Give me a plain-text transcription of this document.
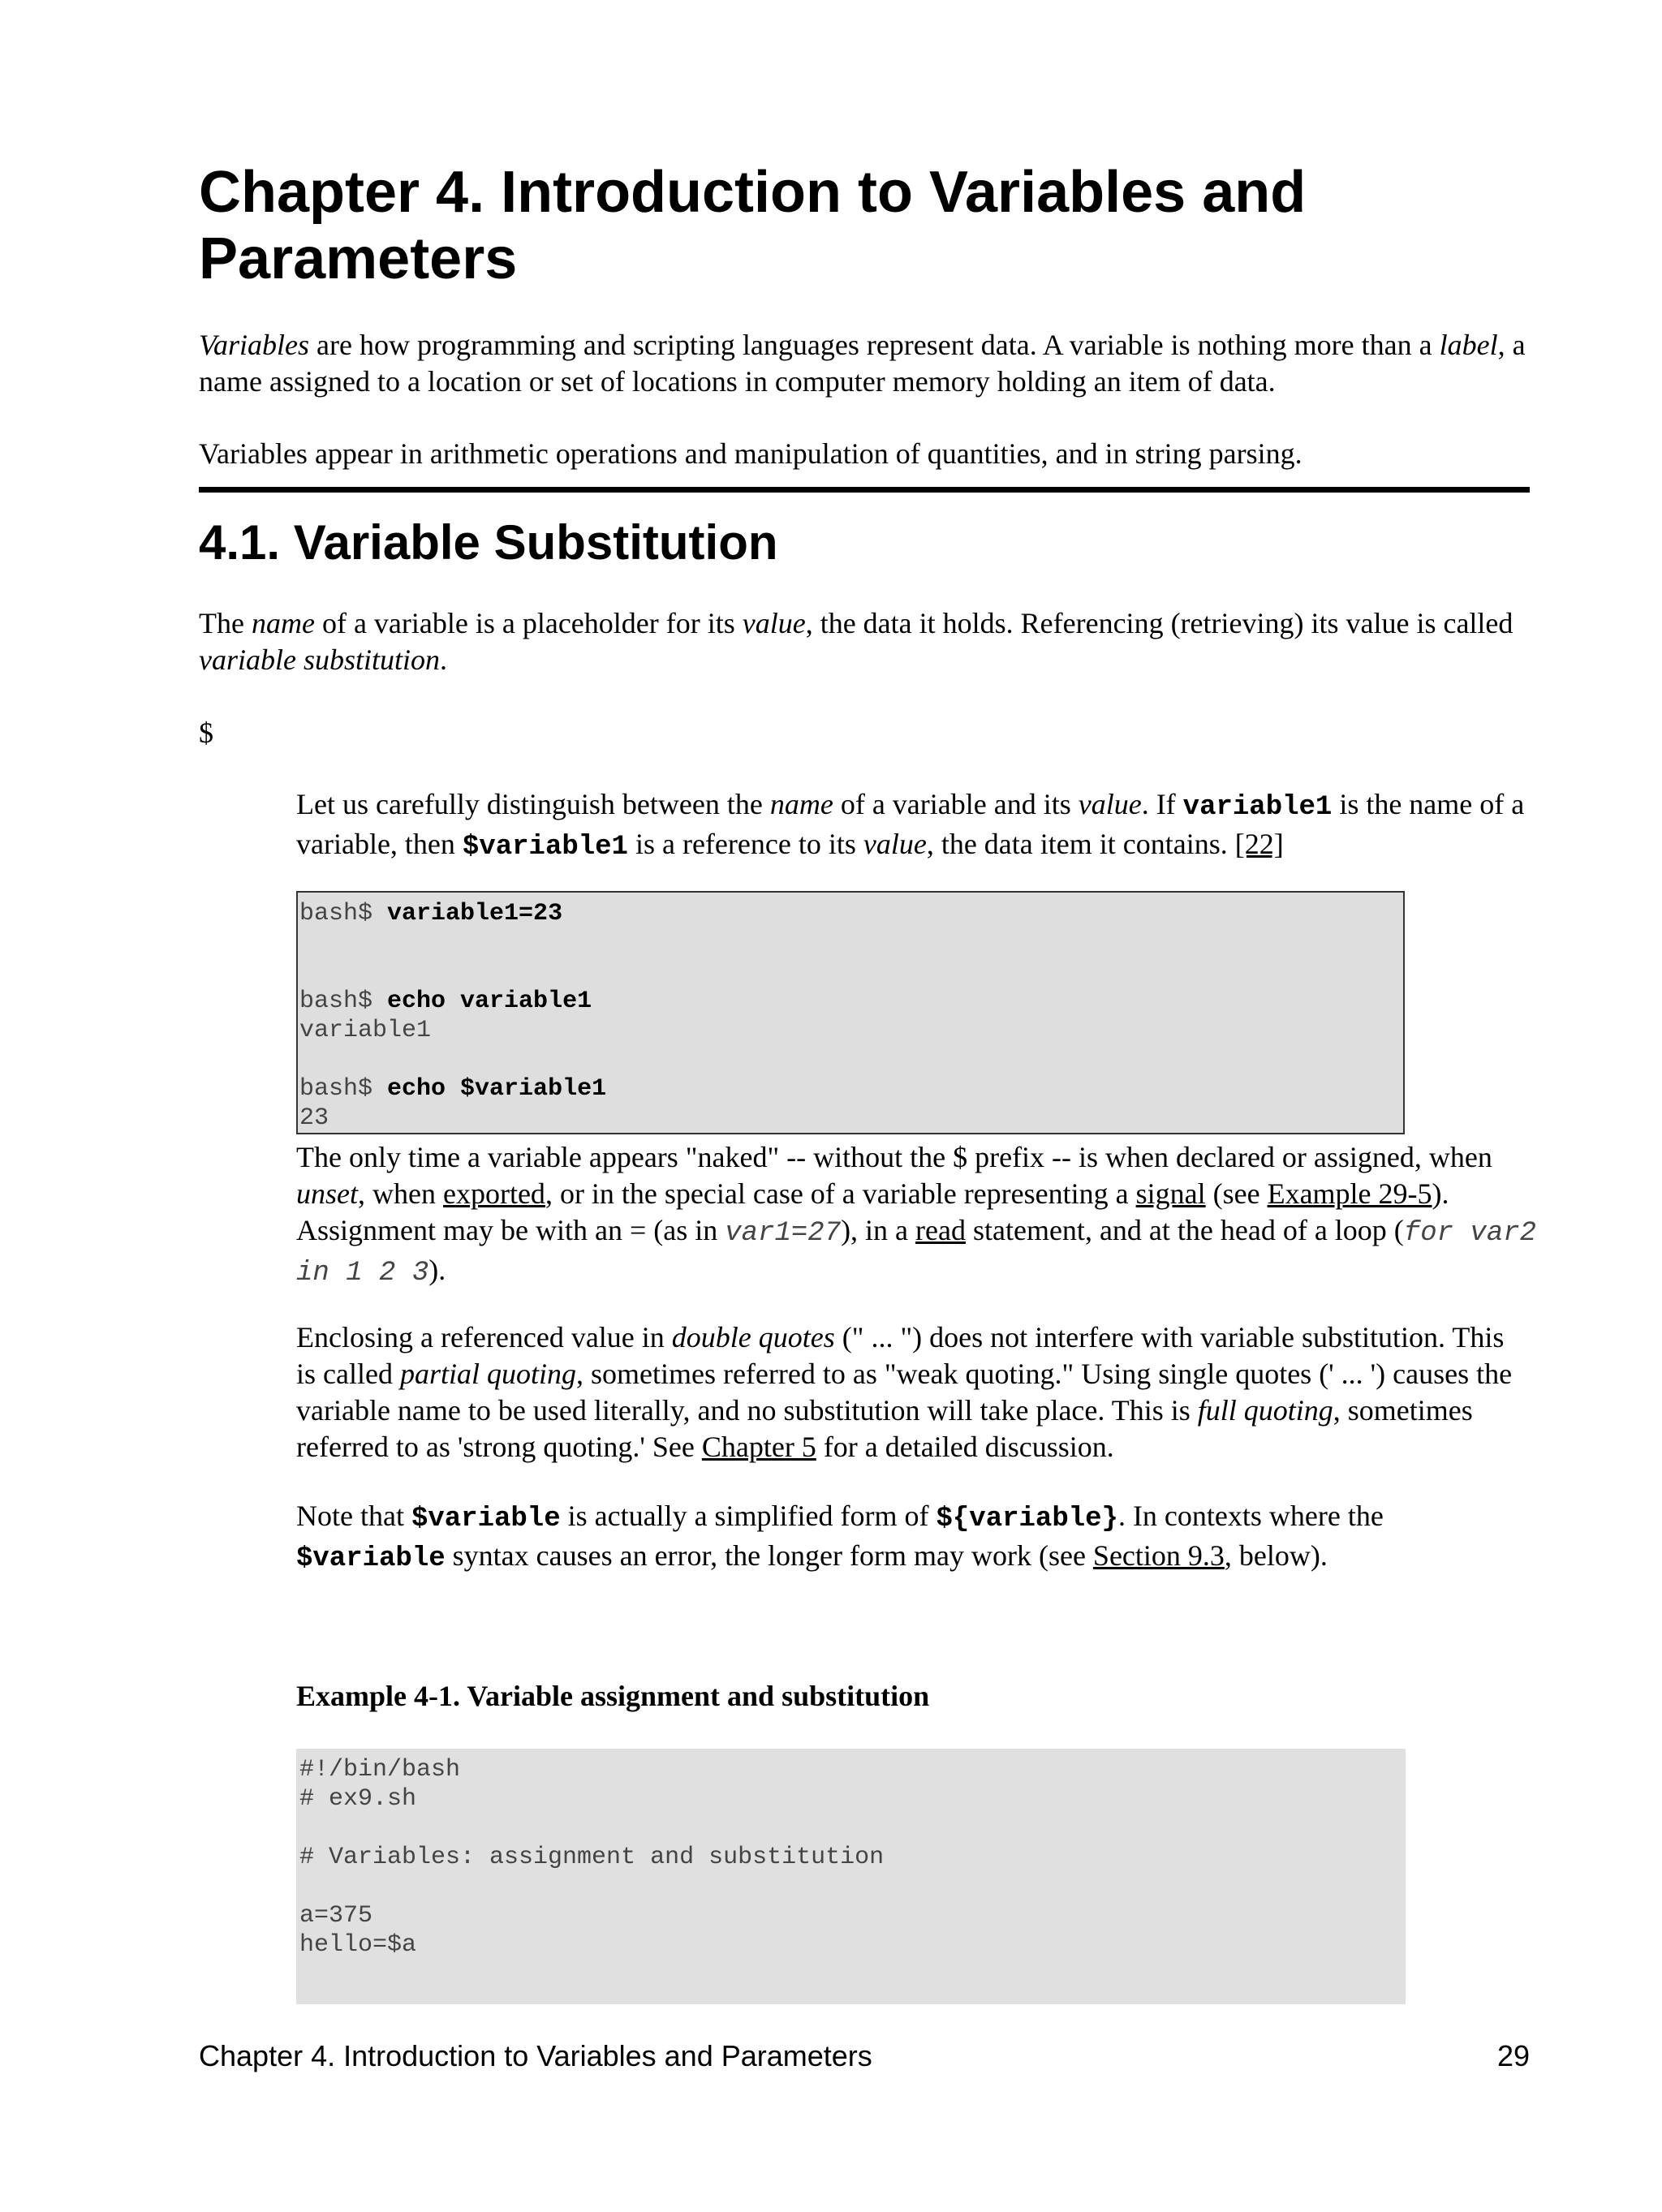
Chapter 4. Introduction to Variables and Parameters

Variables are how programming and scripting languages represent data. A variable is nothing more than a label, a name assigned to a location or set of locations in computer memory holding an item of data.

Variables appear in arithmetic operations and manipulation of quantities, and in string parsing.

4.1. Variable Substitution

The name of a variable is a placeholder for its value, the data it holds. Referencing (retrieving) its value is called variable substitution.

$

Let us carefully distinguish between the name of a variable and its value. If variable1 is the name of a variable, then $variable1 is a reference to its value, the data item it contains. [22]

bash$ variable1=23
bash$ echo variable1
variable1
bash$ echo $variable1
23

The only time a variable appears "naked" -- without the $ prefix -- is when declared or assigned, when unset, when exported, or in the special case of a variable representing a signal (see Example 29-5). Assignment may be with an = (as in var1=27), in a read statement, and at the head of a loop (for var2 in 1 2 3).

Enclosing a referenced value in double quotes (" ... ") does not interfere with variable substitution. This is called partial quoting, sometimes referred to as "weak quoting." Using single quotes (' ... ') causes the variable name to be used literally, and no substitution will take place. This is full quoting, sometimes referred to as 'strong quoting.' See Chapter 5 for a detailed discussion.

Note that $variable is actually a simplified form of ${variable}. In contexts where the $variable syntax causes an error, the longer form may work (see Section 9.3, below).

Example 4-1. Variable assignment and substitution

#!/bin/bash
# ex9.sh
# Variables: assignment and substitution
a=375
hello=$a
Chapter 4. Introduction to Variables and Parameters	29
